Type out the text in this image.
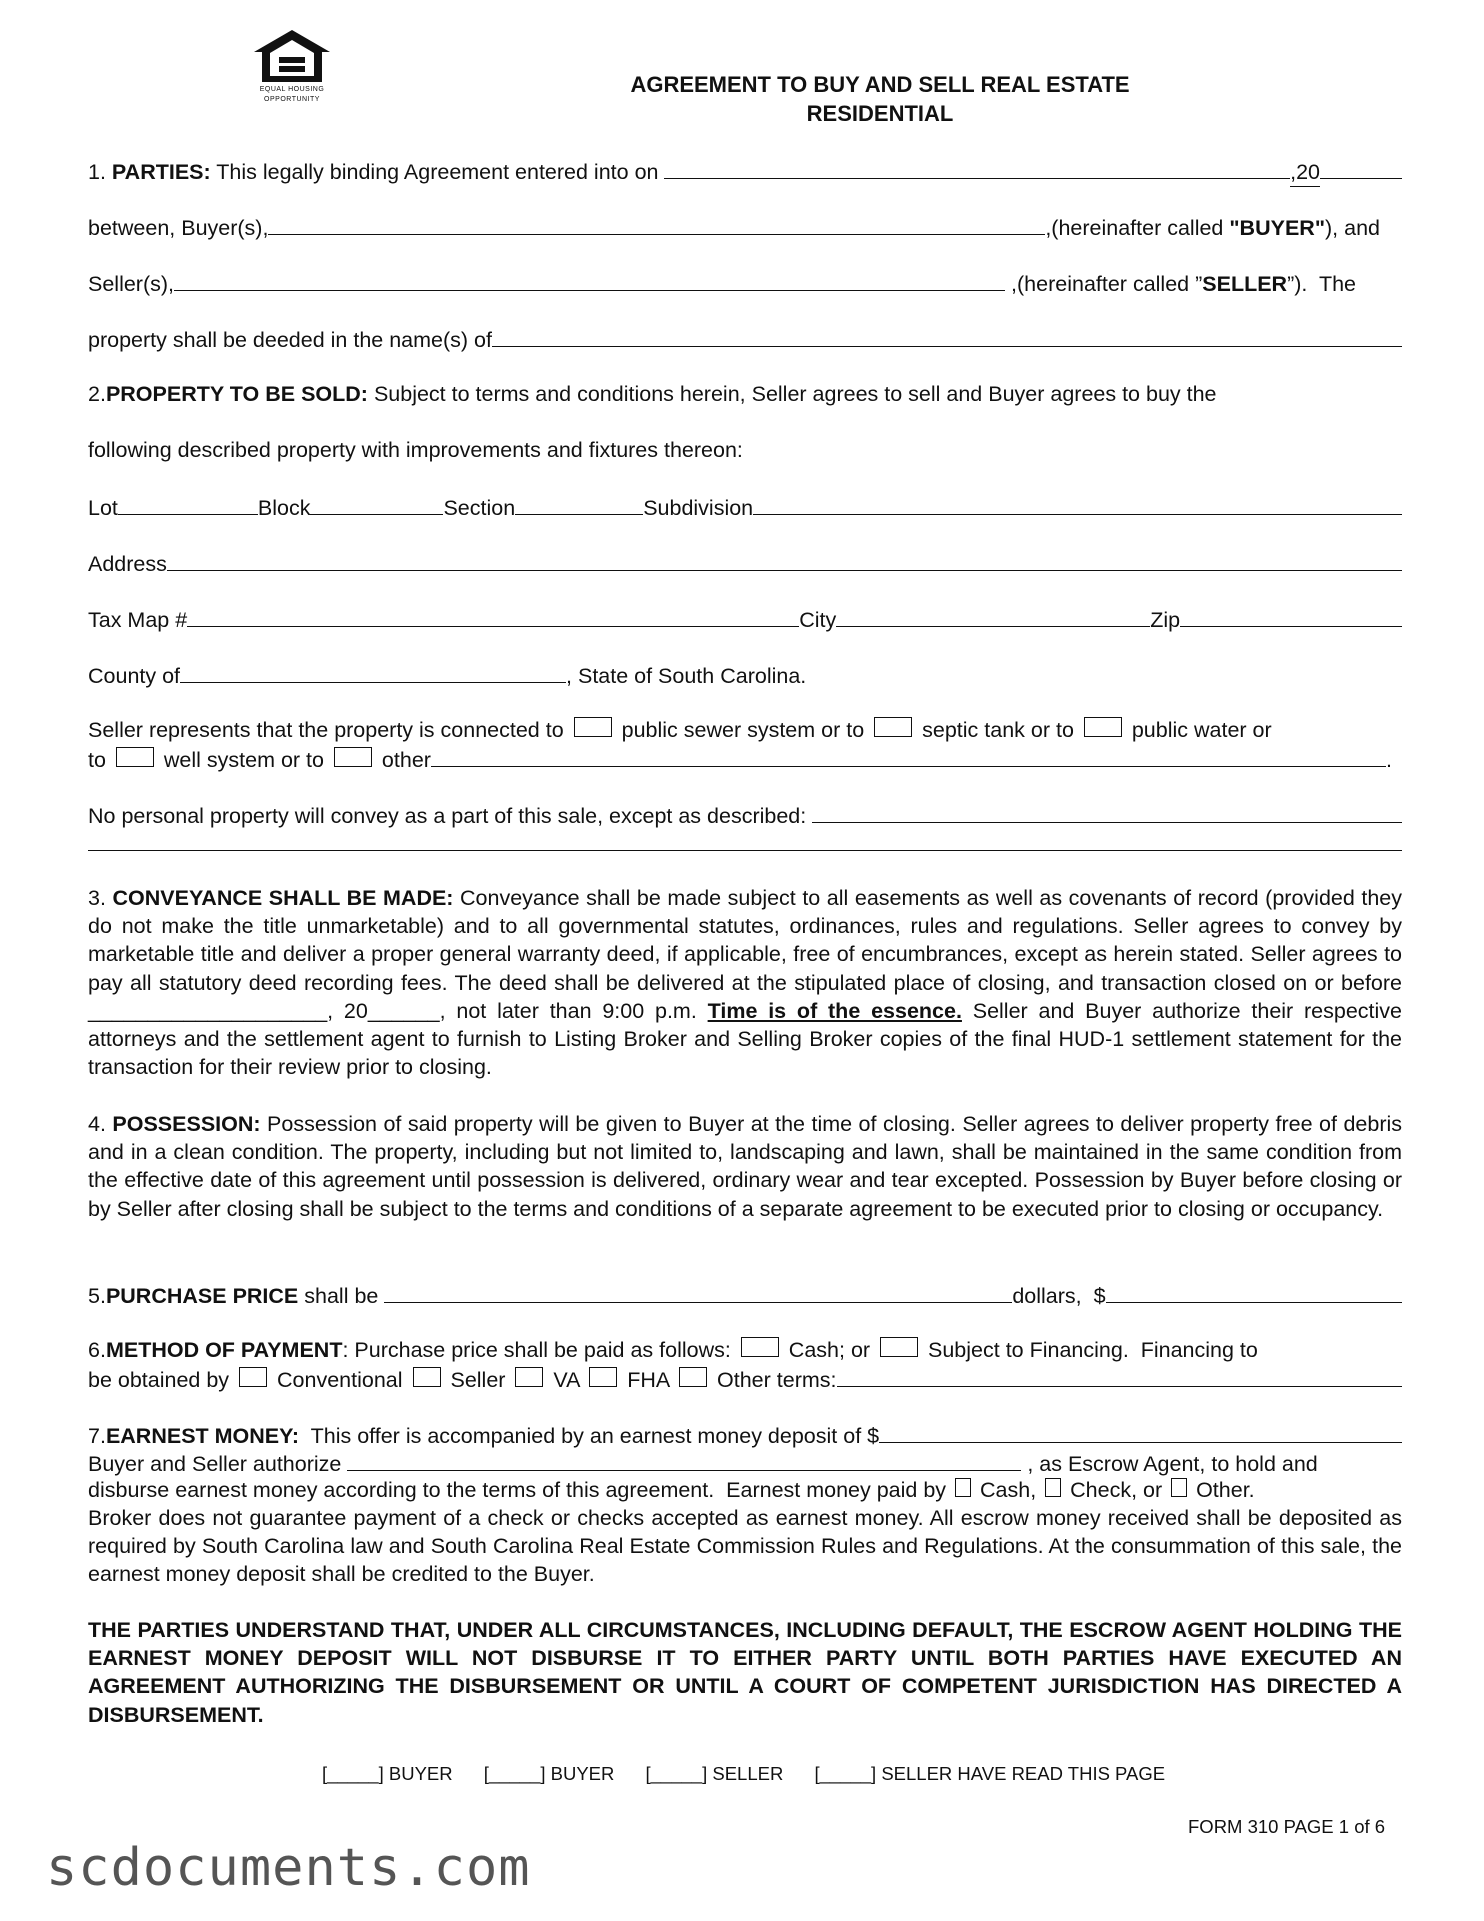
EQUAL HOUSING
OPPORTUNITY
AGREEMENT TO BUY AND SELL REAL ESTATE
RESIDENTIAL
1.
PARTIES: This legally binding Agreement entered into on	,20
between, Buyer(s),	,(hereinafter called "BUYER" ), and
Seller(s),	,(hereinafter called ” SELLER ”).  The
property shall be deeded in the name(s) of
2. PROPERTY TO BE SOLD: Subject to terms and conditions herein, Seller agrees to sell and Buyer agrees to buy the
following described property with improvements and fixtures thereon:
Lot	Block	Section	Subdivision
Address
Tax Map #	City	Zip
County of	, State of South Carolina.
Seller represents that the property is connected to public sewer system or to septic tank or to public water or
to well system or to other	.
No personal property will convey as a part of this sale, except as described:
3. CONVEYANCE SHALL BE MADE: Conveyance shall be made subject to all easements as well as covenants of record (provided they do not make the title unmarketable) and to all governmental statutes, ordinances, rules and regulations. Seller agrees to convey by marketable title and deliver a proper general warranty deed, if applicable, free of encumbrances, except as herein stated. Seller agrees to pay all statutory deed recording fees. The deed shall be delivered at the stipulated place of closing, and transaction closed on or before ____________________, 20______, not later than 9:00 p.m. Time is of the essence. Seller and Buyer authorize their respective attorneys and the settlement agent to furnish to Listing Broker and Selling Broker copies of the final HUD-1 settlement statement for the transaction for their review prior to closing.
4. POSSESSION: Possession of said property will be given to Buyer at the time of closing. Seller agrees to deliver property free of debris and in a clean condition. The property, including but not limited to, landscaping and lawn, shall be maintained in the same condition from the effective date of this agreement until possession is delivered, ordinary wear and tear excepted. Possession by Buyer before closing or by Seller after closing shall be subject to the terms and conditions of a separate agreement to be executed prior to closing or occupancy.
5. PURCHASE PRICE shall be	dollars,  $
6. METHOD OF PAYMENT : Purchase price shall be paid as follows: Cash; or Subject to Financing.  Financing to
be obtained by Conventional Seller VA FHA Other terms:
7. EARNEST MONEY: This offer is accompanied by an earnest money deposit of $
Buyer and Seller authorize	, as Escrow Agent, to hold and
disburse earnest money according to the terms of this agreement.  Earnest money paid by Cash, Check, or Other.
Broker does not guarantee payment of a check or checks accepted as earnest money. All escrow money received shall be deposited as required by South Carolina law and South Carolina Real Estate Commission Rules and Regulations. At the consummation of this sale, the earnest money deposit shall be credited to the Buyer.
THE PARTIES UNDERSTAND THAT, UNDER ALL CIRCUMSTANCES, INCLUDING DEFAULT, THE ESCROW AGENT HOLDING THE EARNEST MONEY DEPOSIT WILL NOT DISBURSE IT TO EITHER PARTY UNTIL BOTH PARTIES HAVE EXECUTED AN AGREEMENT AUTHORIZING THE DISBURSEMENT OR UNTIL A COURT OF COMPETENT JURISDICTION HAS DIRECTED A DISBURSEMENT.
[_____] BUYER [_____] BUYER [_____] SELLER [_____] SELLER HAVE READ THIS PAGE
FORM 310 PAGE 1 of 6
scdocuments.com
